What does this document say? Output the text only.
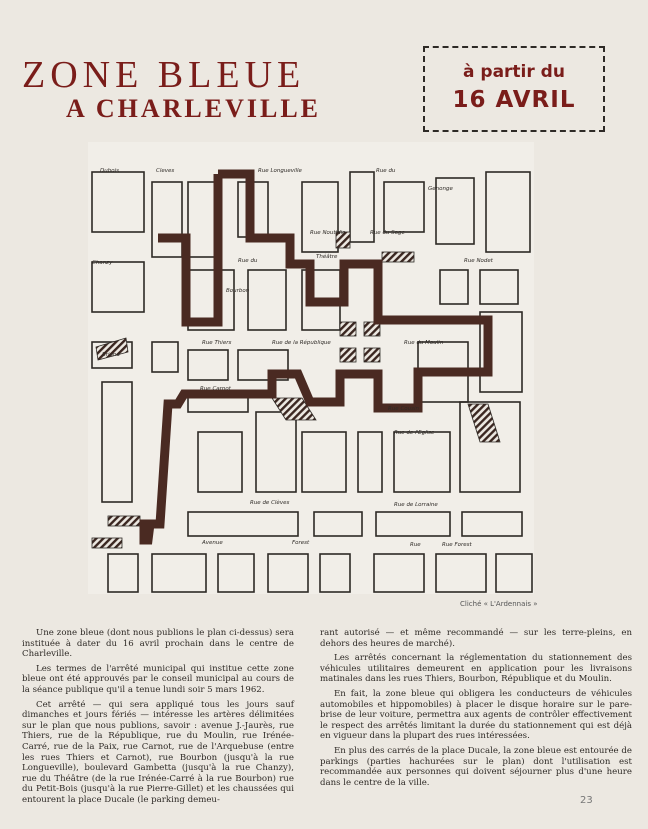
ZONE BLEUE
A CHARLEVILLE
à partir du
16 AVRIL
Dubois	Cleves	Rue Longueville	Rue du
Genonge
Rue Nodet
Rue Noutidie	Rue du Sage
Théâtre
Rue du
Chanzy
Rue Thiers	Rue de la République	Rue du Moulin
Briand
Rue Carnot
Rue de l'Eglise
Rue Cousin
Rue de Clèves	Rue de Lorraine
Avenue	Forest	Rue
Bourbon
Rue Forest
Cliché « L'Ardennais »

Une zone bleue (dont nous publions le plan ci-dessus) sera instituée à dater du 16 avril prochain dans le centre de Charleville.

Les termes de l'arrêté municipal qui institue cette zone bleue ont été approuvés par le conseil municipal au cours de la séance publique qu'il a tenue lundi soir 5 mars 1962.

Cet arrêté — qui sera appliqué tous les jours sauf dimanches et jours fériés — intéresse les artères délimitées sur le plan que nous publions, savoir : avenue J.-Jaurès, rue Thiers, rue de la République, rue du Moulin, rue Irénée-Carré, rue de la Paix, rue Carnot, rue de l'Arquebuse (entre les rues Thiers et Carnot), rue Bourbon (jusqu'à la rue Longueville), boulevard Gambetta (jusqu'à la rue Chanzy), rue du Théâtre (de la rue Irénée-Carré à la rue Bourbon) rue du Petit-Bois (jusqu'à la rue Pierre-Gillet) et les chaussées qui entourent la place Ducale (le parking demeu-

rant autorisé — et même recommandé — sur les terre-pleins, en dehors des heures de marché).

Les arrêtés concernant la réglementation du stationnement des véhicules utilitaires demeurent en application pour les livraisons matinales dans les rues Thiers, Bourbon, République et du Moulin.

En fait, la zone bleue qui obligera les conducteurs de véhicules automobiles et hippomobiles) à placer le disque horaire sur le pare-brise de leur voiture, permettra aux agents de contrôler effectivement le respect des arrêtés limitant la durée du stationnement qui est déjà en vigueur dans la plupart des rues intéressées.

En plus des carrés de la place Ducale, la zone bleue est entourée de parkings (parties hachurées sur le plan) dont l'utilisation est recommandée aux personnes qui doivent séjourner plus d'une heure dans le centre de la ville.

23
